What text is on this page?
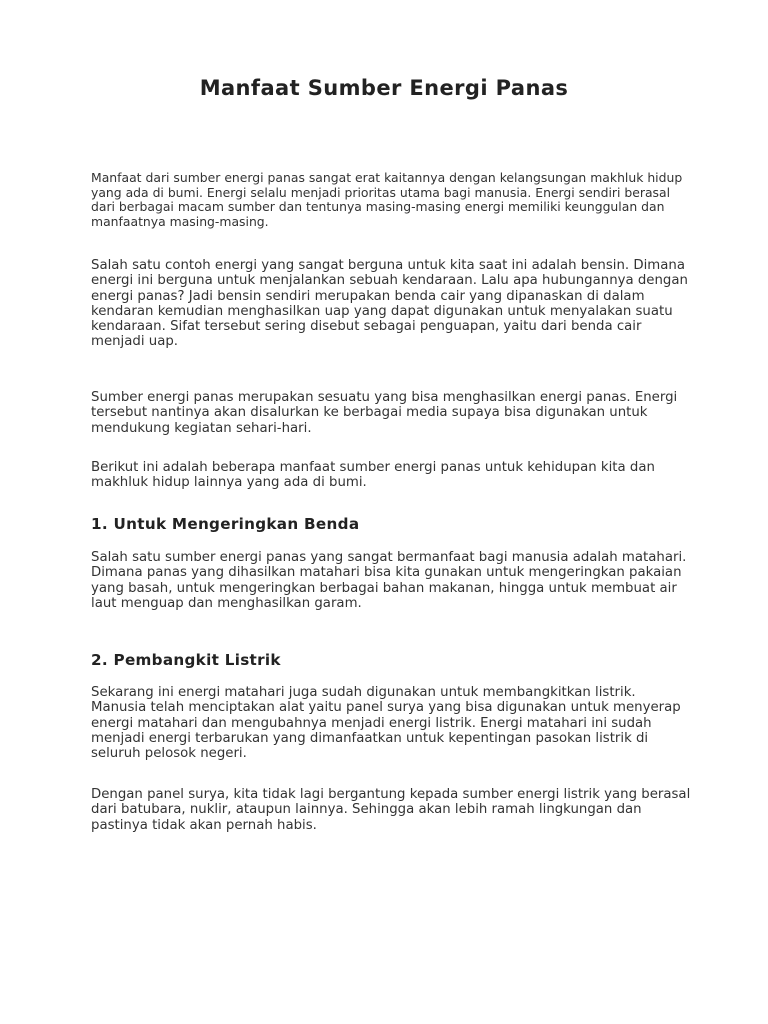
Manfaat Sumber Energi Panas

Manfaat dari sumber energi panas sangat erat kaitannya dengan kelangsungan makhluk hidup yang ada di bumi. Energi selalu menjadi prioritas utama bagi manusia. Energi sendiri berasal dari berbagai macam sumber dan tentunya masing-masing energi memiliki keunggulan dan manfaatnya masing-masing.

Salah satu contoh energi yang sangat berguna untuk kita saat ini adalah bensin. Dimana energi ini berguna untuk menjalankan sebuah kendaraan. Lalu apa hubungannya dengan energi panas? Jadi bensin sendiri merupakan benda cair yang dipanaskan di dalam kendaran kemudian menghasilkan uap yang dapat digunakan untuk menyalakan suatu kendaraan. Sifat tersebut sering disebut sebagai penguapan, yaitu dari benda cair menjadi uap.

Sumber energi panas merupakan sesuatu yang bisa menghasilkan energi panas. Energi tersebut nantinya akan disalurkan ke berbagai media supaya bisa digunakan untuk mendukung kegiatan sehari-hari.

Berikut ini adalah beberapa manfaat sumber energi panas untuk kehidupan kita dan makhluk hidup lainnya yang ada di bumi.

1. Untuk Mengeringkan Benda

Salah satu sumber energi panas yang sangat bermanfaat bagi manusia adalah matahari. Dimana panas yang dihasilkan matahari bisa kita gunakan untuk mengeringkan pakaian yang basah, untuk mengeringkan berbagai bahan makanan, hingga untuk membuat air laut menguap dan menghasilkan garam.

2. Pembangkit Listrik

Sekarang ini energi matahari juga sudah digunakan untuk membangkitkan listrik. Manusia telah menciptakan alat yaitu panel surya yang bisa digunakan untuk menyerap energi matahari dan mengubahnya menjadi energi listrik. Energi matahari ini sudah menjadi energi terbarukan yang dimanfaatkan untuk kepentingan pasokan listrik di seluruh pelosok negeri.

Dengan panel surya, kita tidak lagi bergantung kepada sumber energi listrik yang berasal dari batubara, nuklir, ataupun lainnya. Sehingga akan lebih ramah lingkungan dan pastinya tidak akan pernah habis.
